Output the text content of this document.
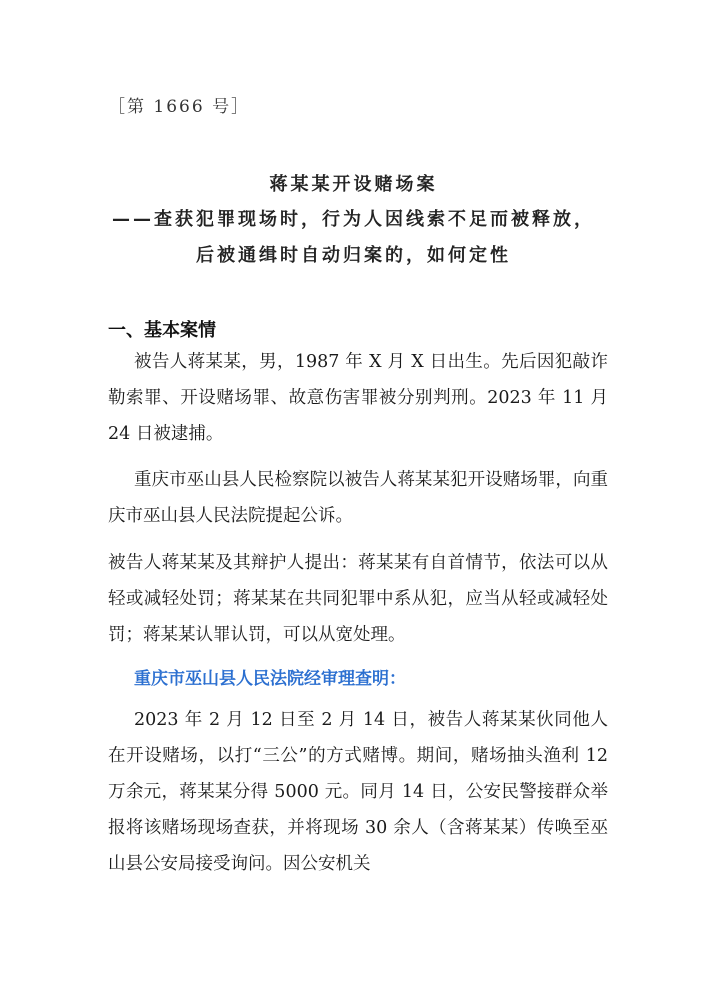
［第 1666 号］
蒋某某开设赌场案
——查获犯罪现场时，行为人因线索不足而被释放，
后被通缉时自动归案的，如何定性
一、基本案情
被告人蒋某某，男，1987 年 X 月 X 日出生。先后因犯敲诈勒索罪、开设赌场罪、故意伤害罪被分别判刑。2023 年 11 月 24 日被逮捕。
重庆市巫山县人民检察院以被告人蒋某某犯开设赌场罪，向重庆市巫山县人民法院提起公诉。
被告人蒋某某及其辩护人提出：蒋某某有自首情节，依法可以从轻或减轻处罚；蒋某某在共同犯罪中系从犯，应当从轻或减轻处罚；蒋某某认罪认罚，可以从宽处理。
重庆市巫山县人民法院经审理查明：
2023 年 2 月 12 日至 2 月 14 日，被告人蒋某某伙同他人在开设赌场，以打“三公”的方式赌博。期间，赌场抽头渔利 12 万余元，蒋某某分得 5000 元。同月 14 日，公安民警接群众举报将该赌场现场查获，并将现场 30 余人（含蒋某某）传唤至巫山县公安局接受询问。因公安机关
